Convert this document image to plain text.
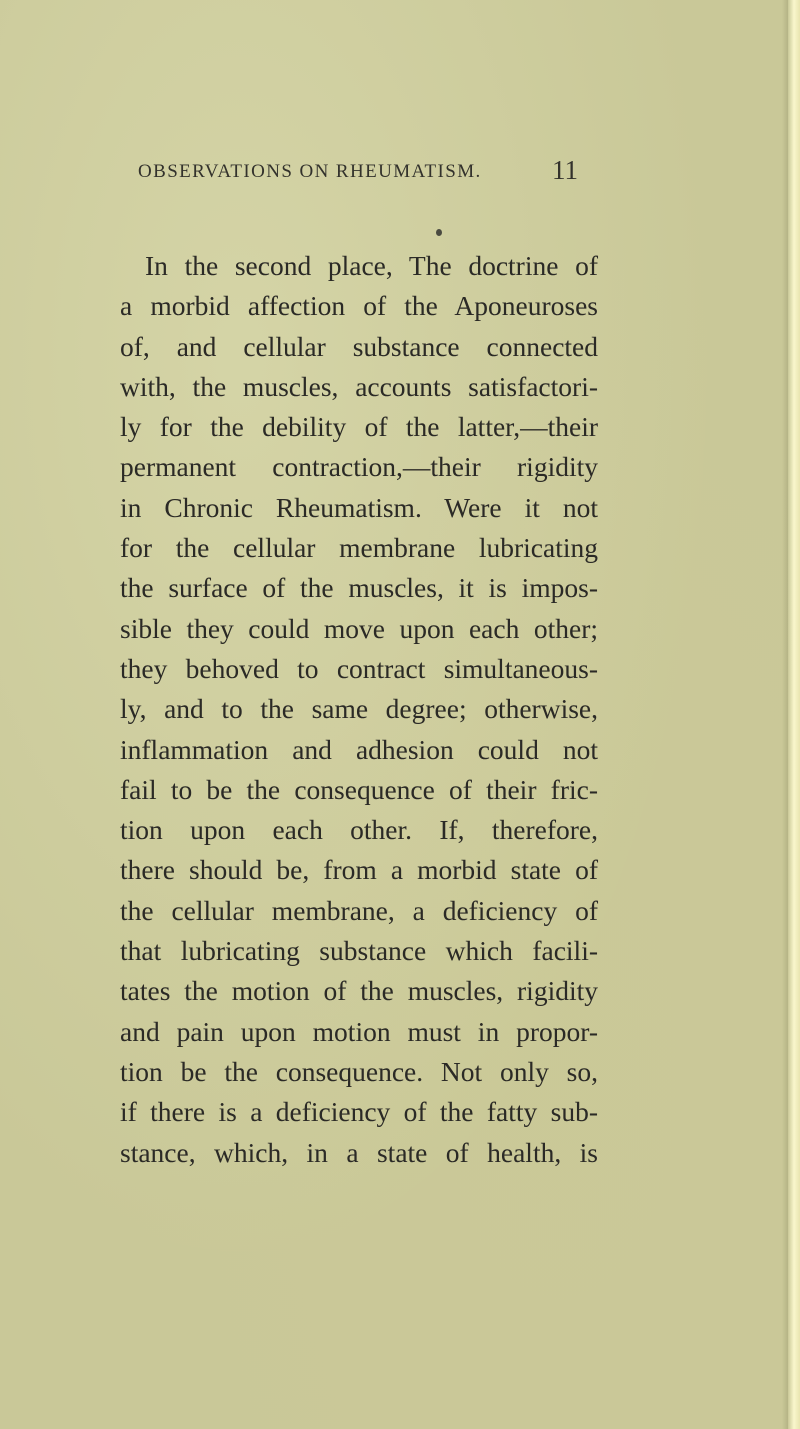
OBSERVATIONS ON RHEUMATISM.	11
In the second place, The doctrine of
a morbid affection of the Aponeuroses
of, and cellular substance connected
with, the muscles, accounts satisfactori-
ly for the debility of the latter,—their
permanent contraction,—their rigidity
in Chronic Rheumatism. Were it not
for the cellular membrane lubricating
the surface of the muscles, it is impos-
sible they could move upon each other;
they behoved to contract simultaneous-
ly, and to the same degree; otherwise,
inflammation and adhesion could not
fail to be the consequence of their fric-
tion upon each other. If, therefore,
there should be, from a morbid state of
the cellular membrane, a deficiency of
that lubricating substance which facili-
tates the motion of the muscles, rigidity
and pain upon motion must in propor-
tion be the consequence. Not only so,
if there is a deficiency of the fatty sub-
stance, which, in a state of health, is
